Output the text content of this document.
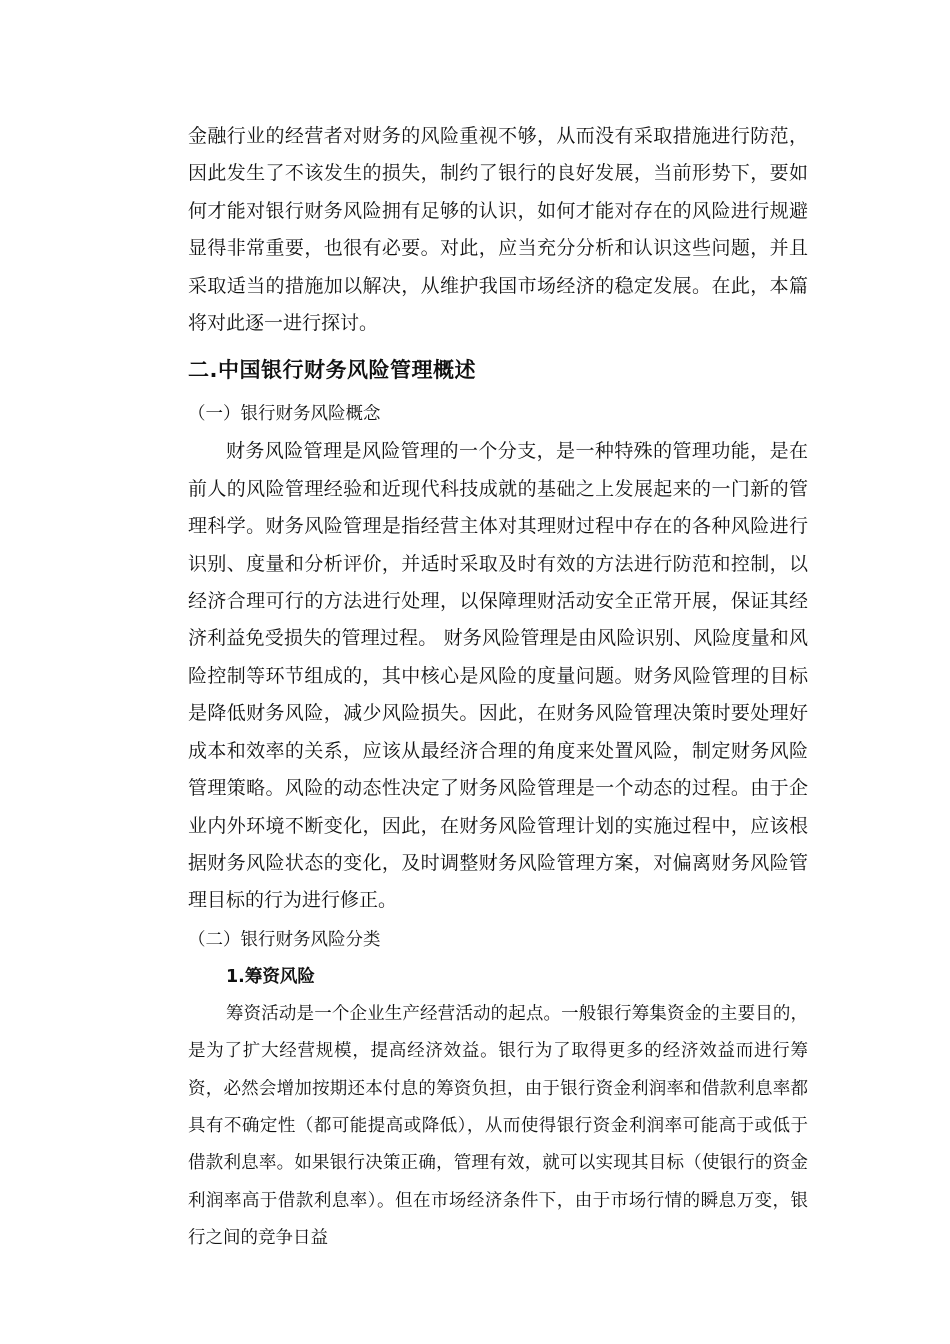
金融行业的经营者对财务的风险重视不够，从而没有采取措施进行防范，因此发生了不该发生的损失，制约了银行的良好发展，当前形势下，要如何才能对银行财务风险拥有足够的认识，如何才能对存在的风险进行规避显得非常重要，也很有必要。对此，应当充分分析和认识这些问题，并且采取适当的措施加以解决，从维护我国市场经济的稳定发展。在此，本篇将对此逐一进行探讨。

二.中国银行财务风险管理概述
（一）银行财务风险概念

财务风险管理是风险管理的一个分支，是一种特殊的管理功能，是在前人的风险管理经验和近现代科技成就的基础之上发展起来的一门新的管理科学。财务风险管理是指经营主体对其理财过程中存在的各种风险进行识别、度量和分析评价，并适时采取及时有效的方法进行防范和控制，以经济合理可行的方法进行处理，以保障理财活动安全正常开展，保证其经济利益免受损失的管理过程。 财务风险管理是由风险识别、风险度量和风险控制等环节组成的，其中核心是风险的度量问题。财务风险管理的目标是降低财务风险，减少风险损失。因此，在财务风险管理决策时要处理好成本和效率的关系，应该从最经济合理的角度来处置风险，制定财务风险管理策略。风险的动态性决定了财务风险管理是一个动态的过程。由于企业内外环境不断变化，因此，在财务风险管理计划的实施过程中，应该根据财务风险状态的变化，及时调整财务风险管理方案，对偏离财务风险管理目标的行为进行修正。

（二）银行财务风险分类
1.筹资风险

筹资活动是一个企业生产经营活动的起点。一般银行筹集资金的主要目的，是为了扩大经营规模，提高经济效益。银行为了取得更多的经济效益而进行筹资，必然会增加按期还本付息的筹资负担，由于银行资金利润率和借款利息率都具有不确定性（都可能提高或降低），从而使得银行资金利润率可能高于或低于借款利息率。如果银行决策正确，管理有效，就可以实现其目标（使银行的资金利润率高于借款利息率）。但在市场经济条件下，由于市场行情的瞬息万变，银行之间的竞争日益
